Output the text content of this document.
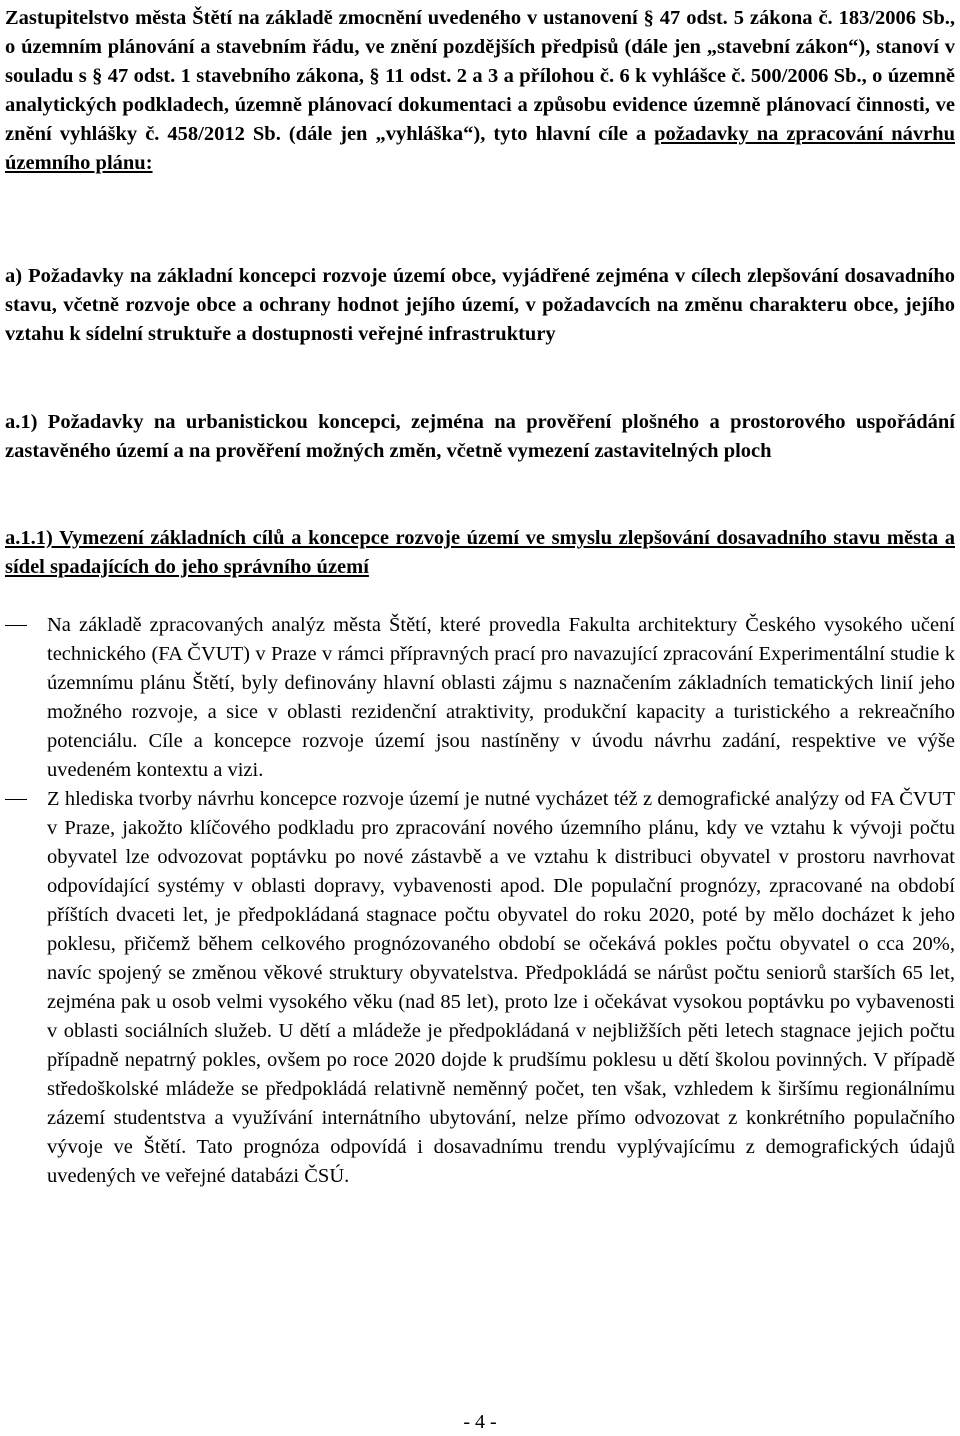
Zastupitelstvo města Štětí na základě zmocnění uvedeného v ustanovení § 47 odst. 5 zákona č. 183/2006 Sb., o územním plánování a stavebním řádu, ve znění pozdějších předpisů (dále jen „stavební zákon“), stanoví v souladu s § 47 odst. 1 stavebního zákona, § 11 odst. 2 a 3 a přílohou č. 6 k vyhlášce č. 500/2006 Sb., o územně analytických podkladech, územně plánovací dokumentaci a způsobu evidence územně plánovací činnosti, ve znění vyhlášky č. 458/2012 Sb. (dále jen „vyhláška“), tyto hlavní cíle a požadavky na zpracování návrhu územního plánu:

a) Požadavky na základní koncepci rozvoje území obce, vyjádřené zejména v cílech zlepšování dosavadního stavu, včetně rozvoje obce a ochrany hodnot jejího území, v požadavcích na změnu charakteru obce, jejího vztahu k sídelní struktuře a dostupnosti veřejné infrastruktury

a.1) Požadavky na urbanistickou koncepci, zejména na prověření plošného a prostorového uspořádání zastavěného území a na prověření možných změn, včetně vymezení zastavitelných ploch

a.1.1) Vymezení základních cílů a koncepce rozvoje území ve smyslu zlepšování dosavadního stavu města a sídel spadajících do jeho správního území

Na základě zpracovaných analýz města Štětí, které provedla Fakulta architektury Českého vysokého učení technického (FA ČVUT) v Praze v rámci přípravných prací pro navazující zpracování Experimentální studie k územnímu plánu Štětí, byly definovány hlavní oblasti zájmu s naznačením základních tematických linií jeho možného rozvoje, a sice v oblasti rezidenční atraktivity, produkční kapacity a turistického a rekreačního potenciálu. Cíle a koncepce rozvoje území jsou nastíněny v úvodu návrhu zadání, respektive ve výše uvedeném kontextu a vizi.
Z hlediska tvorby návrhu koncepce rozvoje území je nutné vycházet též z demografické analýzy od FA ČVUT v Praze, jakožto klíčového podkladu pro zpracování nového územního plánu, kdy ve vztahu k vývoji počtu obyvatel lze odvozovat poptávku po nové zástavbě a ve vztahu k distribuci obyvatel v prostoru navrhovat odpovídající systémy v oblasti dopravy, vybavenosti apod. Dle populační prognózy, zpracované na období příštích dvaceti let, je předpokládaná stagnace počtu obyvatel do roku 2020, poté by mělo docházet k jeho poklesu, přičemž během celkového prognózovaného období se očekává pokles počtu obyvatel o cca 20%, navíc spojený se změnou věkové struktury obyvatelstva. Předpokládá se nárůst počtu seniorů starších 65 let, zejména pak u osob velmi vysokého věku (nad 85 let), proto lze i očekávat vysokou poptávku po vybavenosti v oblasti sociálních služeb. U dětí a mládeže je předpokládaná v nejbližších pěti letech stagnace jejich počtu případně nepatrný pokles, ovšem po roce 2020 dojde k prudšímu poklesu u dětí školou povinných. V případě středoškolské mládeže se předpokládá relativně neměnný počet, ten však, vzhledem k širšímu regionálnímu zázemí studentstva a využívání internátního ubytování, nelze přímo odvozovat z konkrétního populačního vývoje ve Štětí. Tato prognóza odpovídá i dosavadnímu trendu vyplývajícímu z demografických údajů uvedených ve veřejné databázi ČSÚ.
- 4 -
